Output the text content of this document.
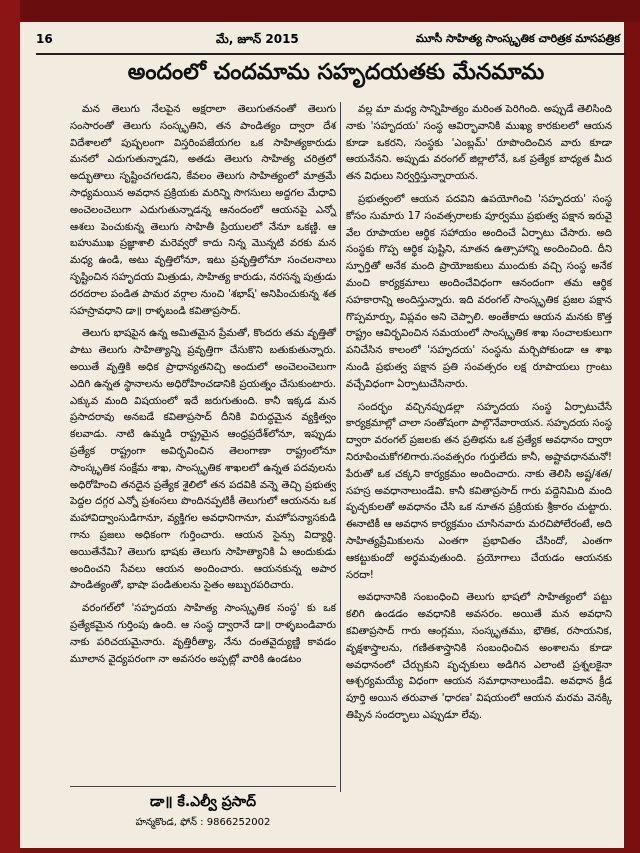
16	మే, జూన్ 2015	మూసీ సాహిత్య సాంస్కృతిక చారిత్రక మాసపత్రిక
అందంలో చందమామ సహృదయతకు మేనమామ

మన తెలుగు నేలపైన అక్షరాలా తెలుగుతనంతో తెలుగు సంసారంతో తెలుగు సంస్కృతిని, తన పాండిత్యం ద్వారా దేశ విదేశాలలో పుష్పలంగా విస్తరింపజేయగల ఒక సాహిత్యకారుడు మనలో ఎదుగుతున్నాడని, అతడు తెలుగు సాహిత్య చరిత్రలో అద్భుతాలు సృష్టించగలడని, కేవలం తెలుగు సాహిత్యంలో మాత్రమే సాధ్యమయిన అవధాన ప్రక్రియకు మరిన్ని సొగసులు అద్దగల మేధావి అంచెలంచెలుగా ఎదుగుతున్నాడన్న ఆనందంలో ఆయనపై ఎన్నో ఆశలు పెంచుకున్న తెలుగు సాహితీ ప్రియులలో నేనూ ఒకణ్ణి. ఆ బహుముఖ ప్రజ్ఞాశాలి మరెవ్వరో కాదు నిన్న మొన్నటి వరకు మన మధ్య ఉండి, అటు వృత్తిలోనూ, ఇటు ప్రవృత్తిలోనూ సంచలనాలు సృష్టించిన సహృదయ మిత్రుడు, సాహిత్య కారుడు, నరసన్న పుత్రుడు దరదరాల పండిత పామర వర్గాల నుంచి 'శభాష్' అనిపించుకున్న శత సహస్రావధాని డా॥ రాళ్ళబండి కవితాప్రసాద్.

తెలుగు భాషపైన ఉన్న అమితమైన ప్రేమతో, కొందరు తమ వృత్తితో పాటు తెలుగు సాహిత్యాన్ని ప్రవృత్తిగా చేసుకొని బతుకుతున్నారు. అయితే వృత్తికి అధిక ప్రాధాన్యతనిచ్చి అందులో అంచెలంచెలుగా ఎదిగి ఉన్నత స్థానాలను అధిరోహించడానికి ప్రయత్నం చేసుకుంటారు. ఎక్కువ మంది విషయంలో ఇదే జరుగుతుంది. కానీ ఇక్కడ మన ప్రసాదరావు అనబడే కవితాప్రసాద్ దీనికి విరుద్ధమైన వ్యక్తిత్వం కలవాడు. నాటి ఉమ్మడి రాష్ట్రమైన ఆంధ్రప్రదేశ్‌లోనూ, ఇప్పుడు ప్రత్యేక రాష్ట్రంగా అవిర్భవించిన తెలంగాణా రాష్ట్రంలోనూ సాంస్కృతిక సంక్షేమ శాఖ, సాంస్కృతిక శాఖలలో ఉన్నత పదవులను అధిరోహించి తనదైన ప్రత్యేక శైలిలో తన పదవికి వన్నె తెచ్చి ప్రభుత్వ పెద్దల దగ్గర ఎన్నో ప్రశంసలు పొందినప్పటికీ తెలుగులో ఆయనను ఒక మహావిద్వాంసుడిగానూ, వ్యక్తిగల అవధానిగానూ, మహోపన్యాసకుడి గాను ప్రజలు అధికంగా గుర్తించారు. ఆయన సైన్సు విద్యార్థి. అయితేనేమి? తెలుగు భాషకు తెలుగు సాహిత్యానికి ఏ ఆందుకుడు అందించని సేవలు ఆయన అందించారు. ఆయనకున్న అపార పాండిత్యంతో, భాషా పండితులను సైతం అబ్బురపరిచారు.

వరంగల్‌లో 'సహృదయ సాహిత్య సాంస్కృతిక సంస్థ' కు ఒక ప్రత్యేకమైన గుర్తింపు ఉంది. ఆ సంస్థ ద్వారానే డా॥ రాళ్ళబండివారు నాకు పరిచయమైనారు. వృత్తిరీత్యా, నేను దంతవైద్యుణ్ణి కావడం మూలాన వైద్యపరంగా నా అవసరం అప్పట్లో వారికి ఉండటం

వల్ల మా మధ్య సాన్నిహిత్యం మరింత పెరిగింది. అప్పుడే తెలిసింది నాకు 'సహృదయ' సంస్థ ఆవిర్భావానికి ముఖ్య కారకులలో ఆయన కూడా ఒకరని, సంస్థకు 'ఎంబ్లమ్' రూపొందించిన వారు కూడా ఆయనేనని. అప్పుడు వరంగల్ జిల్లాలోనే, ఒక ప్రత్యేక బాధ్యత మీద తన విధులు నిర్వర్తిస్తున్నారాయన.

ప్రభుత్వంలో ఆయన పదవిని ఉపయోగించి 'సహృదయ' సంస్థ కోసం సుమారు 17 సంవత్సరాలకు పూర్వము ప్రభుత్వ పక్షాన ఇరువై వేల రూపాయల ఆర్థిక సహాయం అందించే ఏర్పాటు చేసారు. అది సంస్థకు గొప్ప ఆర్థిక పుష్టిని, నూతన ఉత్సాహాన్ని అందించింది. దీని స్ఫూర్తితో అనేక మంది ప్రాయోజకులు ముందుకు వచ్చి సంస్థ అనేక మంచి కార్యక్రమాలు అందించేవిధంగా ఆనందంగా తమ ఆర్థిక సహకారాన్ని అందిస్తున్నారు. ఇది వరంగల్ సాంస్కృతిక ప్రజల పక్షాన గొప్పమార్పు, విప్లవం అని చెప్పాలి. అంతేకాదు ఆయన మనకు కొత్త రాష్ట్రం ఆవిర్భవించిన సమయంలో సాంస్కృతిక శాఖ సంచాలకులుగా పనిచేసిన కాలంలో 'సహృదయ' సంస్థను మర్చిపోకుండా ఆ శాఖ నుండి ప్రభుత్వ పక్షాన ప్రతి సంవత్సరం లక్ష రూపాయలు గ్రాంటు వచ్చేవిధంగా ఏర్పాటుచేసినారు.

సందర్భం వచ్చినప్పుడల్లా సహృదయ సంస్థ ఏర్పాటుచేసే కార్యక్రమాల్లో చాలా సంతోషంగా పాల్గొనేవారాయన. సహృదయ సంస్థ ద్వారా వరంగల్ ప్రజలకు తన ప్రతిభను ఒక ప్రత్యేక అవధానం ద్వారా నిరూపించుకోగలిగారు.సంవత్సరం గుర్తులేదు కానీ, అష్టావధానమనో! పేరుతో ఒక చక్కని కార్యక్రమం అందించారు. నాకు తెలిసి అష్ట/శత/సహస్ర అవధానాలుండేవి. కానీ కవితాప్రసాద్ గారు పద్దెనిమిది మంది పృచ్ఛకులతో అవధానం చేసి ఒక నూతన ప్రక్రియకు శ్రీకారం చుట్టారు. ఈనాటికీ ఆ అవధాన కార్యక్రమం చూసినవారు మరచిపోలేరంటే, అది సాహిత్యప్రేమికులను ఎంతగా ప్రభావితం చేసిందో, ఎంతగా ఆకట్టుకుందో అర్థమవుతుంది. ప్రయోగాలు చేయడం ఆయనకు సరదా!

అవధానానికి సంబంధించి తెలుగు భాషలో సాహిత్యంలో పట్టు కలిగి ఉండడం అవధానికి అవసరం. అయితే మన అవధాని కవితాప్రసాద్ గారు ఆంగ్లము, సంస్కృతము, భౌతిక, రసాయనిక, వృక్షశాస్త్రాలను, గణితశాస్త్రానికి సంబంధించిన అంశాలను కూడా అవధానంలో చేర్చుకుని పృచ్ఛకులు అడిగిన ఎలాంటి ప్రశ్నలకైనా ఆశ్చర్యమయ్యే విధంగా ఆయన సమాధానాలుండేవి. అవధాన క్రీడ పూర్తి అయిన తరువాత 'ధారణ' విషయంలో ఆయన మరమ వెనక్కి తిప్పిన సందర్భాలు ఎప్పుడూ లేవు.

డా॥ కే.ఎల్వీ ప్రసాద్
హన్మకొండ, ఫోన్ : 9866252002
